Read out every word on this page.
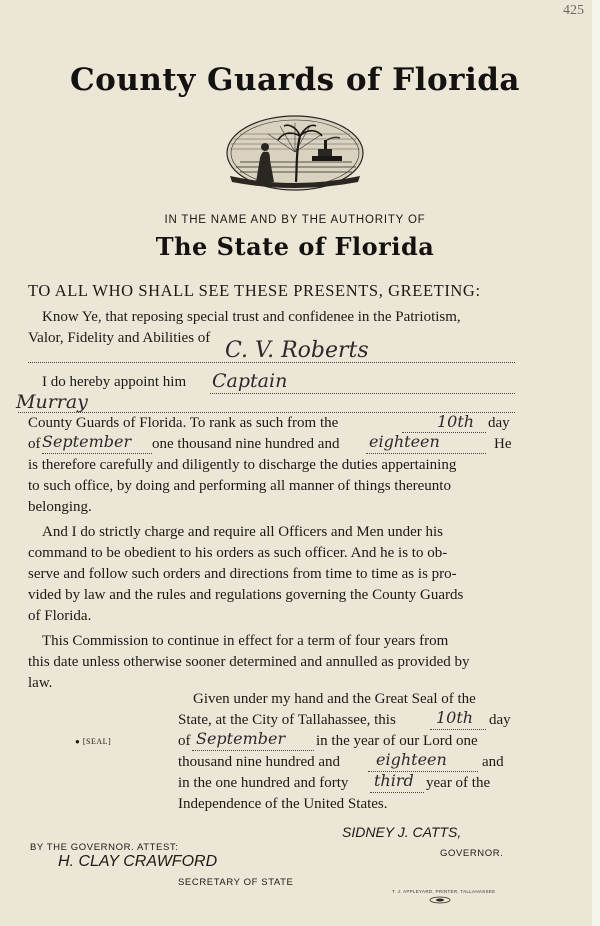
425
County Guards of Florida
IN THE NAME AND BY THE AUTHORITY OF
The State of Florida
TO ALL WHO SHALL SEE THESE PRESENTS, GREETING:
Know Ye, that reposing special trust and confidenee in the Patriotism,
Valor, Fidelity and Abilities of C. V. Roberts
I do hereby appoint him Captain
Murray
County Guards of Florida. To rank as such from the	10th day
of September one thousand nine hundred and eighteen	He
is therefore carefully and diligently to discharge the duties appertaining
to such office, by doing and performing all manner of things thereunto
belonging.
And I do strictly charge and require all Officers and Men under his
command to be obedient to his orders as such officer. And he is to ob-
serve and follow such orders and directions from time to time as is pro-
vided by law and the rules and regulations governing the County Guards
of Florida.
This Commission to continue in effect for a term of four years from
this date unless otherwise sooner determined and annulled as provided by
law.
Given under my hand and the Great Seal of the
State, at the City of Tallahassee, this	10th day
● [SEAL]	of September in the year of our Lord one
thousand nine hundred and eighteen and
in the one hundred and forty third year of the
Independence of the United States.
SIDNEY J. CATTS,
GOVERNOR.
BY THE GOVERNOR. ATTEST:
H. CLAY CRAWFORD
SECRETARY OF STATE
T. J. APPLEYARD, PRINTER, TALLAHASSEE
